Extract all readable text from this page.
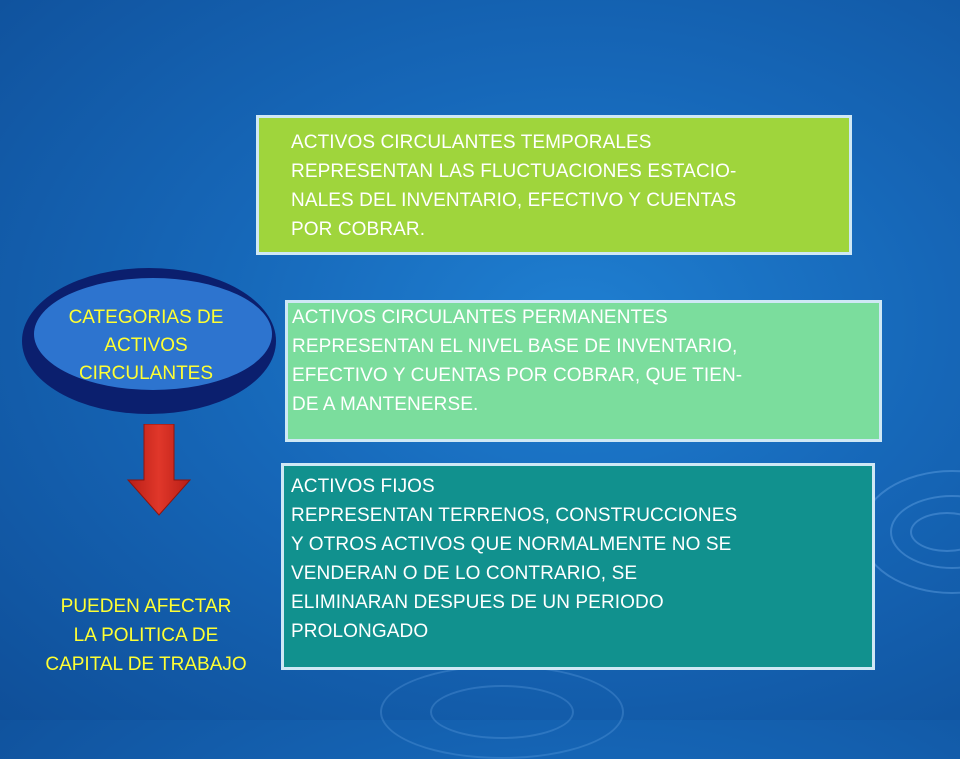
ACTIVOS CIRCULANTES TEMPORALES
REPRESENTAN LAS FLUCTUACIONES ESTACIO-
NALES DEL INVENTARIO, EFECTIVO Y CUENTAS
POR COBRAR.
ACTIVOS CIRCULANTES PERMANENTES
REPRESENTAN EL NIVEL BASE DE INVENTARIO,
EFECTIVO Y CUENTAS POR COBRAR, QUE TIEN-
DE A MANTENERSE.
ACTIVOS FIJOS
REPRESENTAN TERRENOS, CONSTRUCCIONES
Y OTROS ACTIVOS QUE NORMALMENTE NO SE
VENDERAN O DE LO CONTRARIO, SE
ELIMINARAN DESPUES DE UN PERIODO
PROLONGADO
CATEGORIAS DE
ACTIVOS
CIRCULANTES
PUEDEN AFECTAR
LA POLITICA DE
CAPITAL DE TRABAJO
